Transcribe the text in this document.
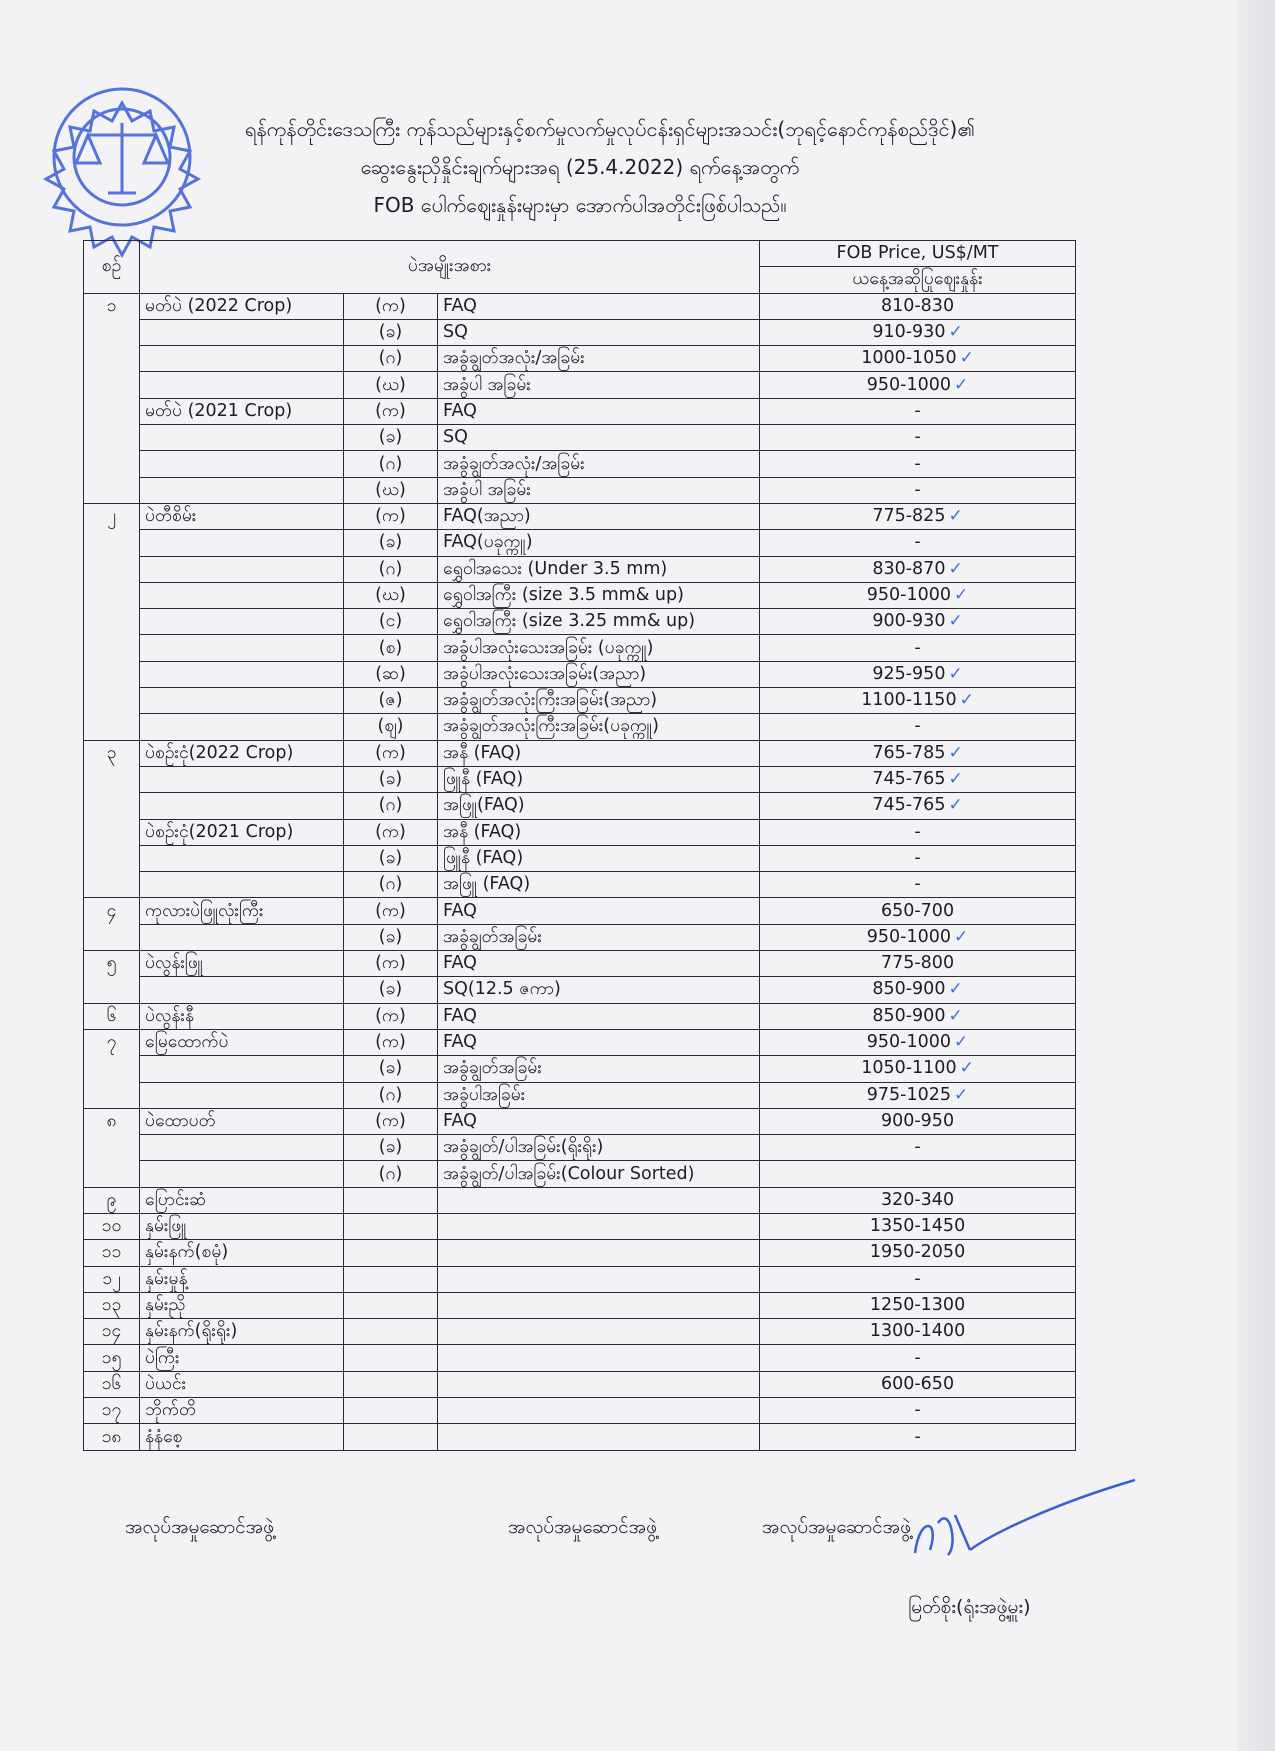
ရန်ကုန်တိုင်းဒေသကြီး ကုန်သည်များနှင့်စက်မှုလက်မှုလုပ်ငန်းရှင်များအသင်း(ဘုရင့်နောင်ကုန်စည်ဒိုင်)၏
ဆွေးနွေးညှိနှိုင်းချက်များအရ (25.4.2022) ရက်နေ့အတွက်
FOB ပေါက်ဈေးနှုန်းများမှာ အောက်ပါအတိုင်းဖြစ်ပါသည်။
စဉ်	ပဲအမျိုးအစား			FOB Price, US$/MT
				ယနေ့အဆိုပြုဈေးနှုန်း
၁	မတ်ပဲ (2022 Crop)	(က)	FAQ	810-830
		(ခ)	SQ	910-930 ✓
		(ဂ)	အခွံချွတ်အလုံး/အခြမ်း	1000-1050 ✓
		(ဃ)	အခွံပါ အခြမ်း	950-1000 ✓
	မတ်ပဲ (2021 Crop)	(က)	FAQ	-
		(ခ)	SQ	-
		(ဂ)	အခွံချွတ်အလုံး/အခြမ်း	-
		(ဃ)	အခွံပါ အခြမ်း	-
၂	ပဲတီစိမ်း	(က)	FAQ(အညာ)	775-825 ✓
		(ခ)	FAQ(ပခုက္ကူ)	-
		(ဂ)	ရွှေဝါအသေး (Under 3.5 mm)	830-870 ✓
		(ဃ)	ရွှေဝါအကြီး (size 3.5 mm& up)	950-1000 ✓
		(င)	ရွှေဝါအကြီး (size 3.25 mm& up)	900-930 ✓
		(စ)	အခွံပါအလုံးသေးအခြမ်း (ပခုက္ကူ)	-
		(ဆ)	အခွံပါအလုံးသေးအခြမ်း(အညာ)	925-950 ✓
		(ဇ)	အခွံချွတ်အလုံးကြီးအခြမ်း(အညာ)	1100-1150 ✓
		(ဈ)	အခွံချွတ်အလုံးကြီးအခြမ်း(ပခုက္ကူ)	-
၃	ပဲစဉ်းငုံ(2022 Crop)	(က)	အနီ (FAQ)	765-785 ✓
		(ခ)	ဖြူနီ (FAQ)	745-765 ✓
		(ဂ)	အဖြူ(FAQ)	745-765 ✓
	ပဲစဉ်းငုံ(2021 Crop)	(က)	အနီ (FAQ)	-
		(ခ)	ဖြူနီ (FAQ)	-
		(ဂ)	အဖြူ (FAQ)	-
၄	ကုလားပဲဖြူလုံးကြီး	(က)	FAQ	650-700
		(ခ)	အခွံချွတ်အခြမ်း	950-1000 ✓
၅	ပဲလွန်းဖြူ	(က)	FAQ	775-800
		(ခ)	SQ(12.5 ဇကာ)	850-900 ✓
၆	ပဲလွန်းနီ	(က)	FAQ	850-900 ✓
၇	မြေထောက်ပဲ	(က)	FAQ	950-1000 ✓
		(ခ)	အခွံချွတ်အခြမ်း	1050-1100 ✓
		(ဂ)	အခွံပါအခြမ်း	975-1025 ✓
၈	ပဲထောပတ်	(က)	FAQ	900-950
		(ခ)	အခွံချွတ်/ပါအခြမ်း(ရိုးရိုး)	-
		(ဂ)	အခွံချွတ်/ပါအခြမ်း(Colour Sorted)	
၉	ပြောင်းဆံ			320-340
၁၀	နှမ်းဖြူ			1350-1450
၁၁	နှမ်းနက်(စမုံ)			1950-2050
၁၂	နှမ်းမှုန့်			-
၁၃	နှမ်းညို			1250-1300
၁၄	နှမ်းနက်(ရိုးရိုး)			1300-1400
၁၅	ပဲကြီး			-
၁၆	ပဲယင်း			600-650
၁၇	ဘိုက်တိ			-
၁၈	နံနံစေ့			-
အလုပ်အမှုဆောင်အဖွဲ့	အလုပ်အမှုဆောင်အဖွဲ့	အလုပ်အမှုဆောင်အဖွဲ့
မြတ်စိုး(ရုံးအဖွဲ့မှူး)
